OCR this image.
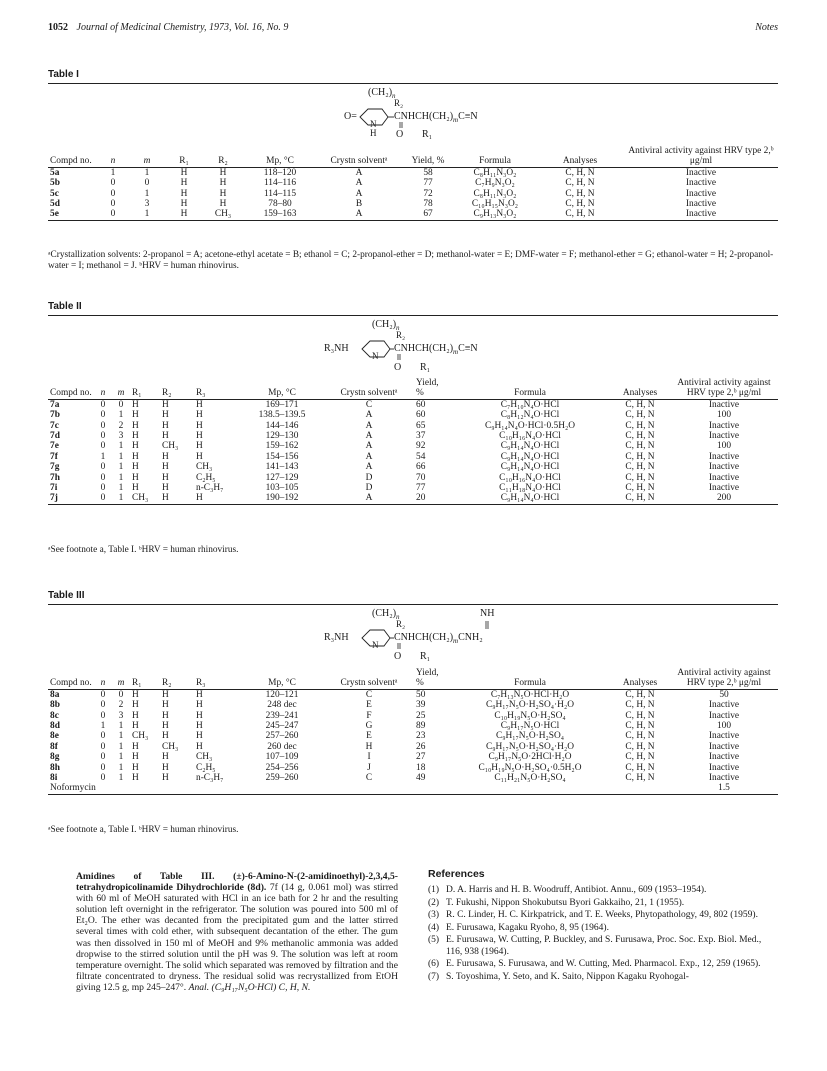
1052 Journal of Medicinal Chemistry, 1973, Vol. 16, No. 9	Notes
Table I
$(CH_2)_n$
R₂
O=
N
$CNHCH(CH_2)_mC\equiv N$
H O R₁
Compd no.	n	m	R₁	R₂	Mp, °C	Crystn solventᵃ	Yield, %	Formula	Analyses	Antiviral activity against HRV type 2,ᵇ μg/ml
5a	1	1	H	H	118–120	A	58	C₈H₁₁N₃O₂	C, H, N	Inactive
5b	0	0	H	H	114–116	A	77	C₇H₉N₃O₂	C, H, N	Inactive
5c	0	1	H	H	114–115	A	72	C₈H₁₁N₃O₂	C, H, N	Inactive
5d	0	3	H	H	78–80	B	78	C₁₀H₁₅N₃O₂	C, H, N	Inactive
5e	0	1	H	CH₃	159–163	A	67	C₉H₁₃N₃O₂	C, H, N	Inactive
ᵃCrystallization solvents: 2-propanol = A; acetone-ethyl acetate = B; ethanol = C; 2-propanol-ether = D; methanol-water = E; DMF-water = F; methanol-ether = G; ethanol-water = H; 2-propanol-water = I; methanol = J. ᵇHRV = human rhinovirus.
Table II
$(CH_2)_n$
R₂
R₃NH
N
$CNHCH(CH_2)_mC\equiv N$
O R₁
Compd no.	n	m	R₁	R₂	R₃	Mp, °C	Crystn solventᵃ	Yield, %	Formula	Analyses	Antiviral activity against HRV type 2,ᵇ μg/ml
7a	0	0	H	H	H	169–171	C	60	C₇H₁₀N₄O·HCl	C, H, N	Inactive
7b	0	1	H	H	H	138.5–139.5	A	60	C₈H₁₂N₄O·HCl	C, H, N	100
7c	0	2	H	H	H	144–146	A	65	C₉H₁₄N₄O·HCl·0.5H₂O	C, H, N	Inactive
7d	0	3	H	H	H	129–130	A	37	C₁₀H₁₆N₄O·HCl	C, H, N	Inactive
7e	0	1	H	CH₃	H	159–162	A	92	C₉H₁₄N₄O·HCl	C, H, N	100
7f	1	1	H	H	H	154–156	A	54	C₉H₁₄N₄O·HCl	C, H, N	Inactive
7g	0	1	H	H	CH₃	141–143	A	66	C₉H₁₄N₄O·HCl	C, H, N	Inactive
7h	0	1	H	H	C₂H₅	127–129	D	70	C₁₀H₁₆N₄O·HCl	C, H, N	Inactive
7i	0	1	H	H	n-C₃H₇	103–105	D	77	C₁₁H₁₈N₄O·HCl	C, H, N	Inactive
7j	0	1	CH₃	H	H	190–192	A	20	C₉H₁₄N₄O·HCl	C, H, N	200
ᵃSee footnote a, Table I. ᵇHRV = human rhinovirus.
Table III
$(CH_2)_n$	NH
R₂
R₃NH
N
$CNHCH(CH_2)_mCNH_2$
O R₁
Compd no.	n	m	R₁	R₂	R₃	Mp, °C	Crystn solventᵃ	Yield, %	Formula	Analyses	Antiviral activity against HRV type 2,ᵇ μg/ml
8a	0	0	H	H	H	120–121	C	50	C₇H₁₃N₅O·HCl·H₂O	C, H, N	50
8b	0	2	H	H	H	248 dec	E	39	C₉H₁₇N₅O·H₂SO₄·H₂O	C, H, N	Inactive
8c	0	3	H	H	H	239–241	F	25	C₁₀H₁₉N₅O·H₂SO₄	C, H, N	Inactive
8d	1	1	H	H	H	245–247	G	89	C₉H₁₇N₅O·HCl	C, H, N	100
8e	0	1	CH₃	H	H	257–260	E	23	C₉H₁₇N₅O·H₂SO₄	C, H, N	Inactive
8f	0	1	H	CH₃	H	260 dec	H	26	C₉H₁₇N₅O·H₂SO₄·H₂O	C, H, N	Inactive
8g	0	1	H	H	CH₃	107–109	I	27	C₉H₁₇N₅O·2HCl·H₂O	C, H, N	Inactive
8h	0	1	H	H	C₂H₅	254–256	J	18	C₁₀H₁₉N₅O·H₂SO₄·0.5H₂O	C, H, N	Inactive
8i	0	1	H	H	n-C₃H₇	259–260	C	49	C₁₁H₂₁N₅O·H₂SO₄	C, H, N	Inactive
Noformycin											1.5
ᵃSee footnote a, Table I. ᵇHRV = human rhinovirus.
Amidines of Table III. (±)-6-Amino-N-(2-amidinoethyl)-2,3,4,5-tetrahydropicolinamide Dihydrochloride (8d). 7f (14 g, 0.061 mol) was stirred with 60 ml of MeOH saturated with HCl in an ice bath for 2 hr and the resulting solution left overnight in the refrigerator. The solution was poured into 500 ml of Et₂O. The ether was decanted from the precipitated gum and the latter stirred several times with cold ether, with subsequent decantation of the ether. The gum was then dissolved in 150 ml of MeOH and 9% methanolic ammonia was added dropwise to the stirred solution until the pH was 9. The solution was left at room temperature overnight. The solid which separated was removed by filtration and the filtrate concentrated to dryness. The residual solid was recrystallized from EtOH giving 12.5 g, mp 245–247°. Anal. (C₉H₁₇N₅O·HCl) C, H, N.
References
(1) D. A. Harris and H. B. Woodruff, Antibiot. Annu., 609 (1953–1954).
(2) T. Fukushi, Nippon Shokubutsu Byori Gakkaiho, 21, 1 (1955).
(3) R. C. Linder, H. C. Kirkpatrick, and T. E. Weeks, Phytopathology, 49, 802 (1959).
(4) E. Furusawa, Kagaku Ryoho, 8, 95 (1964).
(5) E. Furusawa, W. Cutting, P. Buckley, and S. Furusawa, Proc. Soc. Exp. Biol. Med., 116, 938 (1964).
(6) E. Furusawa, S. Furusawa, and W. Cutting, Med. Pharmacol. Exp., 12, 259 (1965).
(7) S. Toyoshima, Y. Seto, and K. Saito, Nippon Kagaku Ryohogal-
